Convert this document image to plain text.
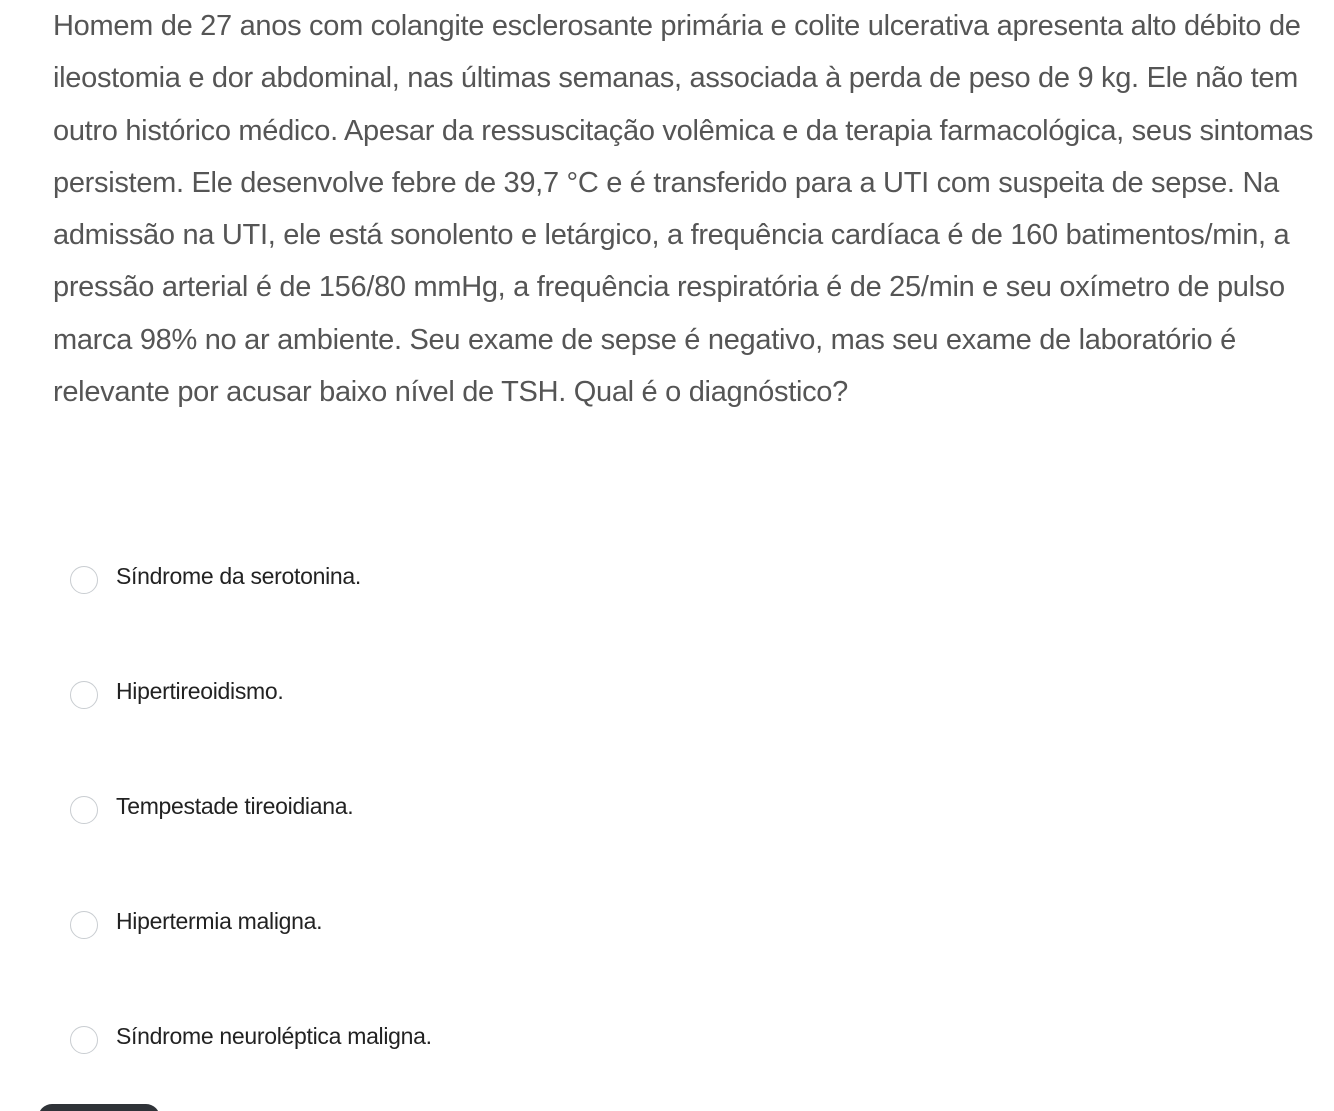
Homem de 27 anos com colangite esclerosante primária e colite ulcerativa apresenta alto débito de ileostomia e dor abdominal, nas últimas semanas, associada à perda de peso de 9 kg. Ele não tem outro histórico médico. Apesar da ressuscitação volêmica e da terapia farmacológica, seus sintomas persistem. Ele desenvolve febre de 39,7 °C e é transferido para a UTI com suspeita de sepse. Na admissão na UTI, ele está sonolento e letárgico, a frequência cardíaca é de 160 batimentos/min, a pressão arterial é de 156/80 mmHg, a frequência respiratória é de 25/min e seu oxímetro de pulso marca 98% no ar ambiente. Seu exame de sepse é negativo, mas seu exame de laboratório é relevante por acusar baixo nível de TSH. Qual é o diagnóstico?

Síndrome da serotonina.
Hipertireoidismo.
Tempestade tireoidiana.
Hipertermia maligna.
Síndrome neuroléptica maligna.
